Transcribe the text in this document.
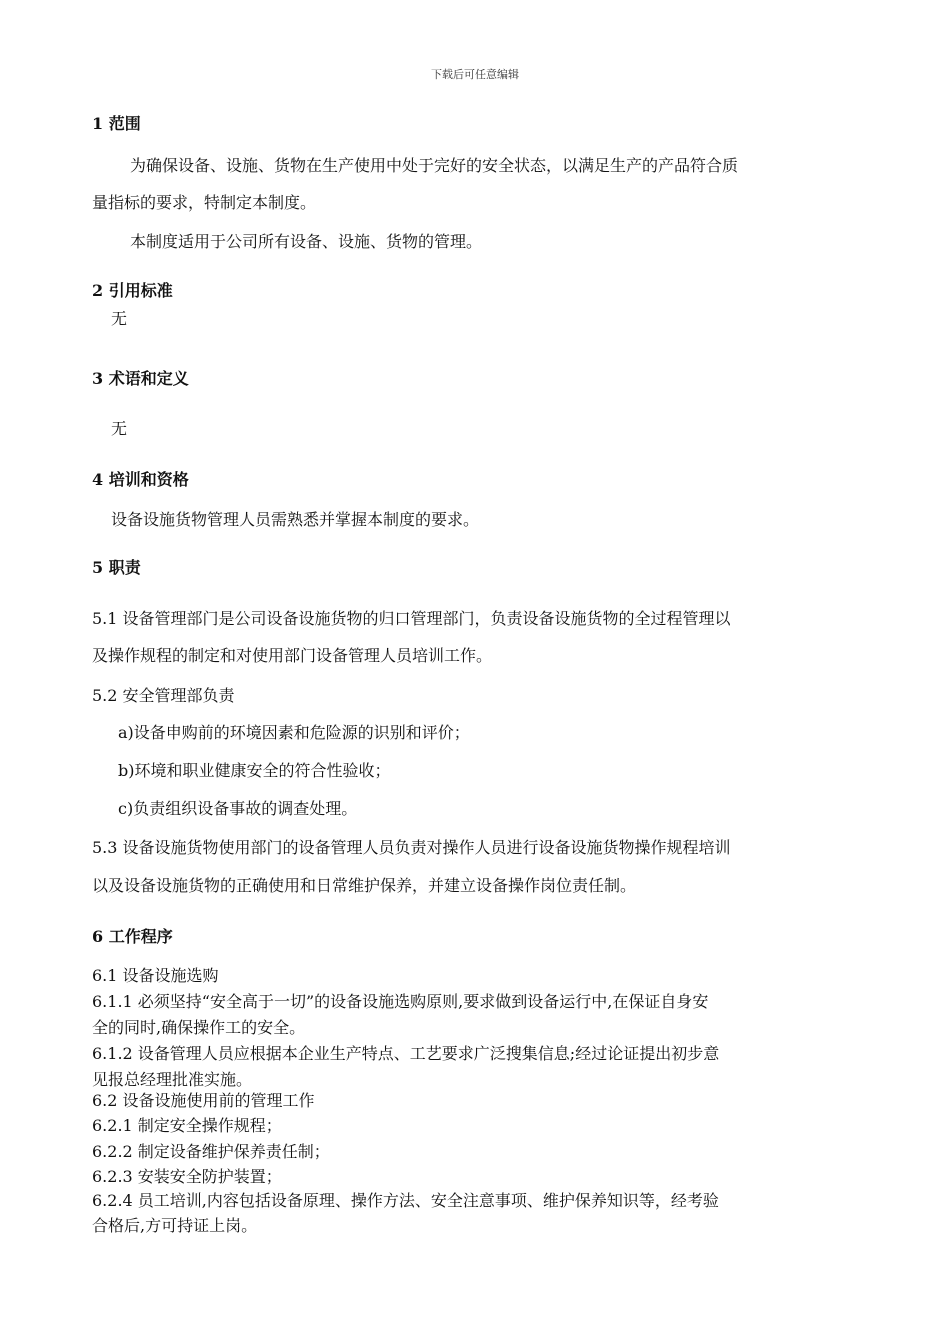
下载后可任意编辑
1 范围
为确保设备、设施、货物在生产使用中处于完好的安全状态，以满足生产的产品符合质
量指标的要求，特制定本制度。
本制度适用于公司所有设备、设施、货物的管理。
2 引用标准
无
3 术语和定义
无
4 培训和资格
设备设施货物管理人员需熟悉并掌握本制度的要求。
5 职责
5.1 设备管理部门是公司设备设施货物的归口管理部门，负责设备设施货物的全过程管理以
及操作规程的制定和对使用部门设备管理人员培训工作。
5.2 安全管理部负责
a)设备申购前的环境因素和危险源的识别和评价；
b)环境和职业健康安全的符合性验收；
c)负责组织设备事故的调查处理。
5.3 设备设施货物使用部门的设备管理人员负责对操作人员进行设备设施货物操作规程培训
以及设备设施货物的正确使用和日常维护保养，并建立设备操作岗位责任制。
6 工作程序
6.1 设备设施选购
6.1.1 必须坚持“安全高于一切”的设备设施选购原则,要求做到设备运行中,在保证自身安
全的同时,确保操作工的安全。
6.1.2 设备管理人员应根据本企业生产特点、工艺要求广泛搜集信息;经过论证提出初步意
见报总经理批准实施。
6.2 设备设施使用前的管理工作
6.2.1 制定安全操作规程；
6.2.2 制定设备维护保养责任制；
6.2.3 安装安全防护装置；
6.2.4 员工培训,内容包括设备原理、操作方法、安全注意事项、维护保养知识等，经考验
合格后,方可持证上岗。
